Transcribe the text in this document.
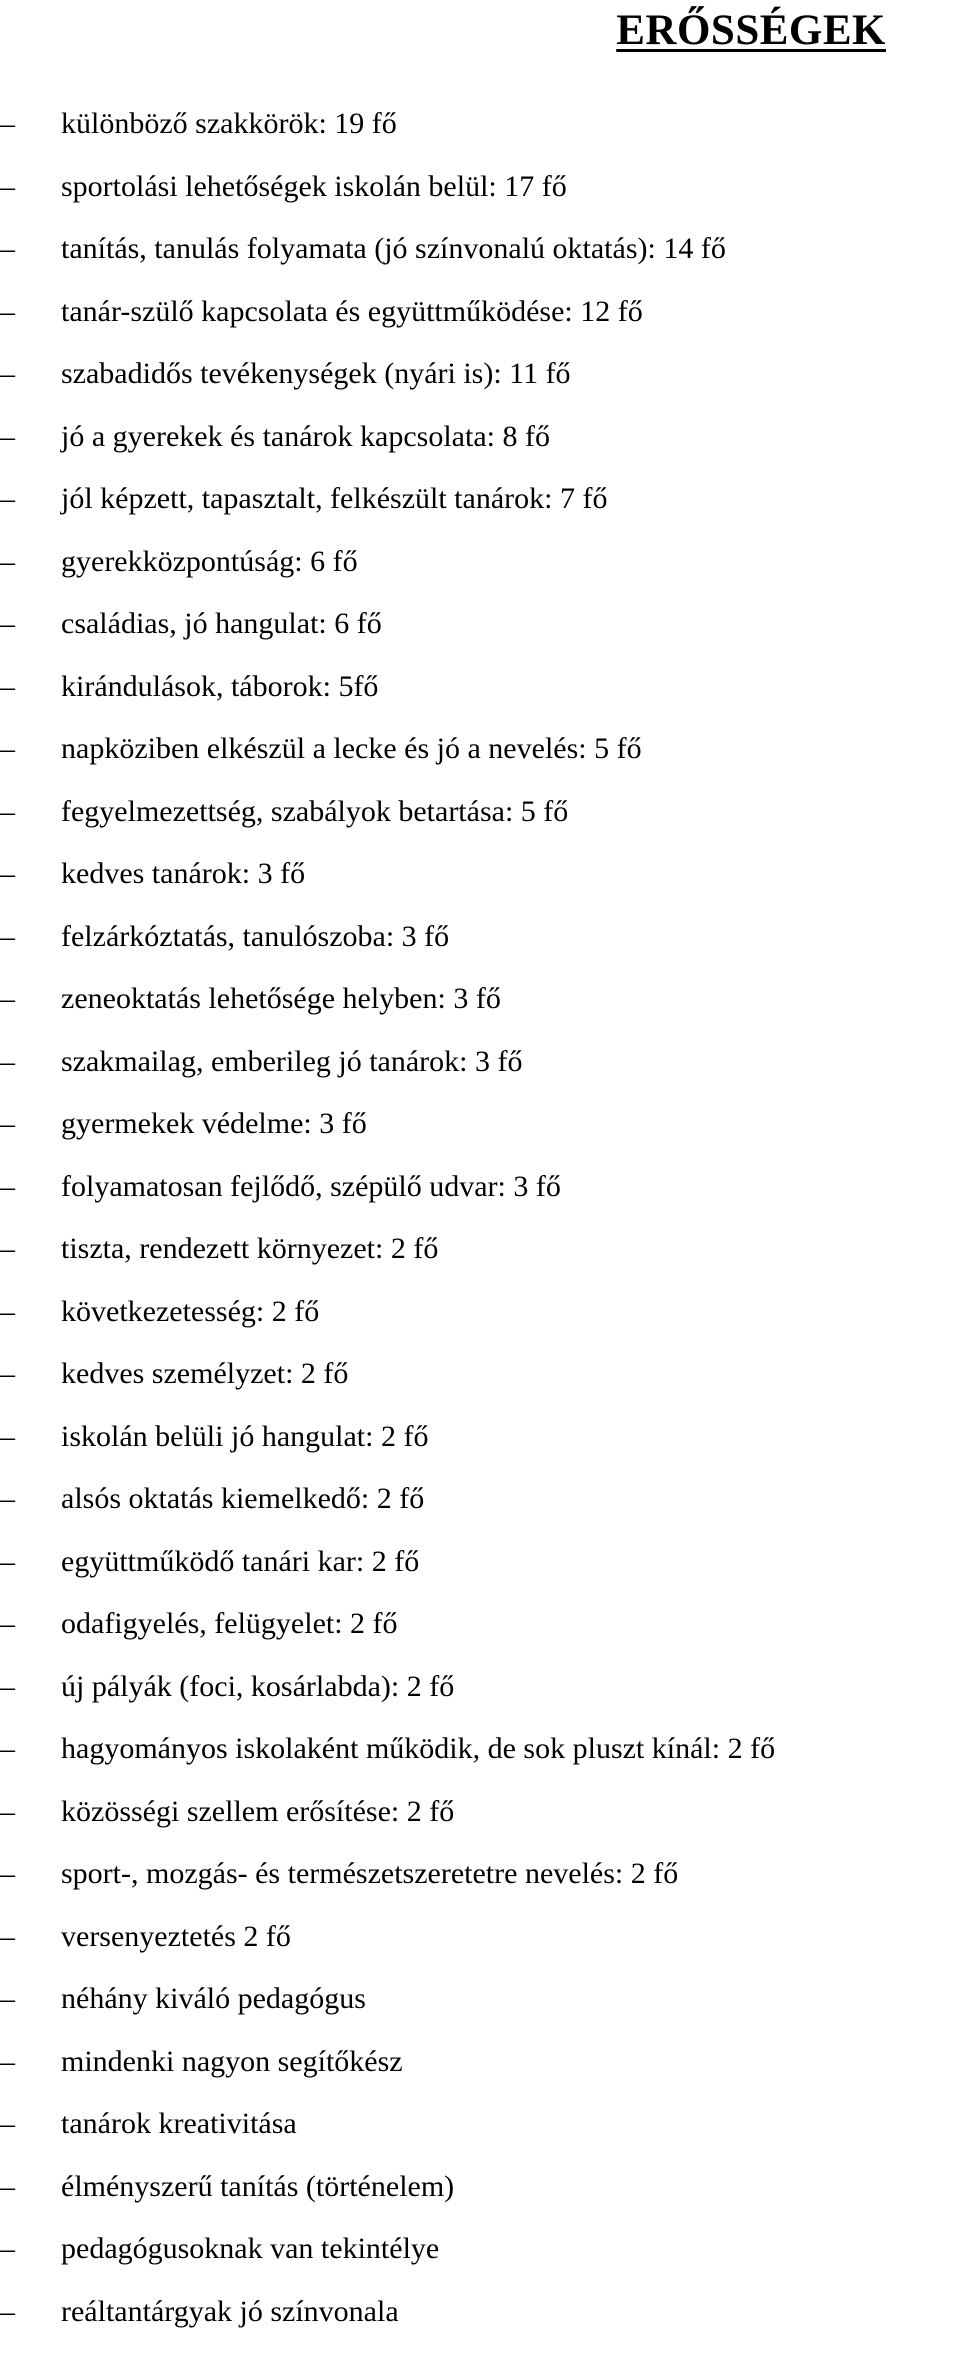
ERŐSSÉGEK
–	különböző szakkörök: 19 fő
–	sportolási lehetőségek iskolán belül: 17 fő
–	tanítás, tanulás folyamata (jó színvonalú oktatás): 14 fő
–	tanár-szülő kapcsolata és együttműködése: 12 fő
–	szabadidős tevékenységek (nyári is): 11 fő
–	jó a gyerekek és tanárok kapcsolata: 8 fő
–	jól képzett, tapasztalt, felkészült tanárok: 7 fő
–	gyerekközpontúság: 6 fő
–	családias, jó hangulat: 6 fő
–	kirándulások, táborok: 5fő
–	napköziben elkészül a lecke és jó a nevelés: 5 fő
–	fegyelmezettség, szabályok betartása: 5 fő
–	kedves tanárok: 3 fő
–	felzárkóztatás, tanulószoba: 3 fő
–	zeneoktatás lehetősége helyben: 3 fő
–	szakmailag, emberileg jó tanárok: 3 fő
–	gyermekek védelme: 3 fő
–	folyamatosan fejlődő, szépülő udvar: 3 fő
–	tiszta, rendezett környezet: 2 fő
–	következetesség: 2 fő
–	kedves személyzet: 2 fő
–	iskolán belüli jó hangulat: 2 fő
–	alsós oktatás kiemelkedő: 2 fő
–	együttműködő tanári kar: 2 fő
–	odafigyelés, felügyelet: 2 fő
–	új pályák (foci, kosárlabda): 2 fő
–	hagyományos iskolaként működik, de sok pluszt kínál: 2 fő
–	közösségi szellem erősítése: 2 fő
–	sport-, mozgás- és természetszeretetre nevelés: 2 fő
–	versenyeztetés 2 fő
–	néhány kiváló pedagógus
–	mindenki nagyon segítőkész
–	tanárok kreativitása
–	élményszerű tanítás (történelem)
–	pedagógusoknak van tekintélye
–	reáltantárgyak jó színvonala
